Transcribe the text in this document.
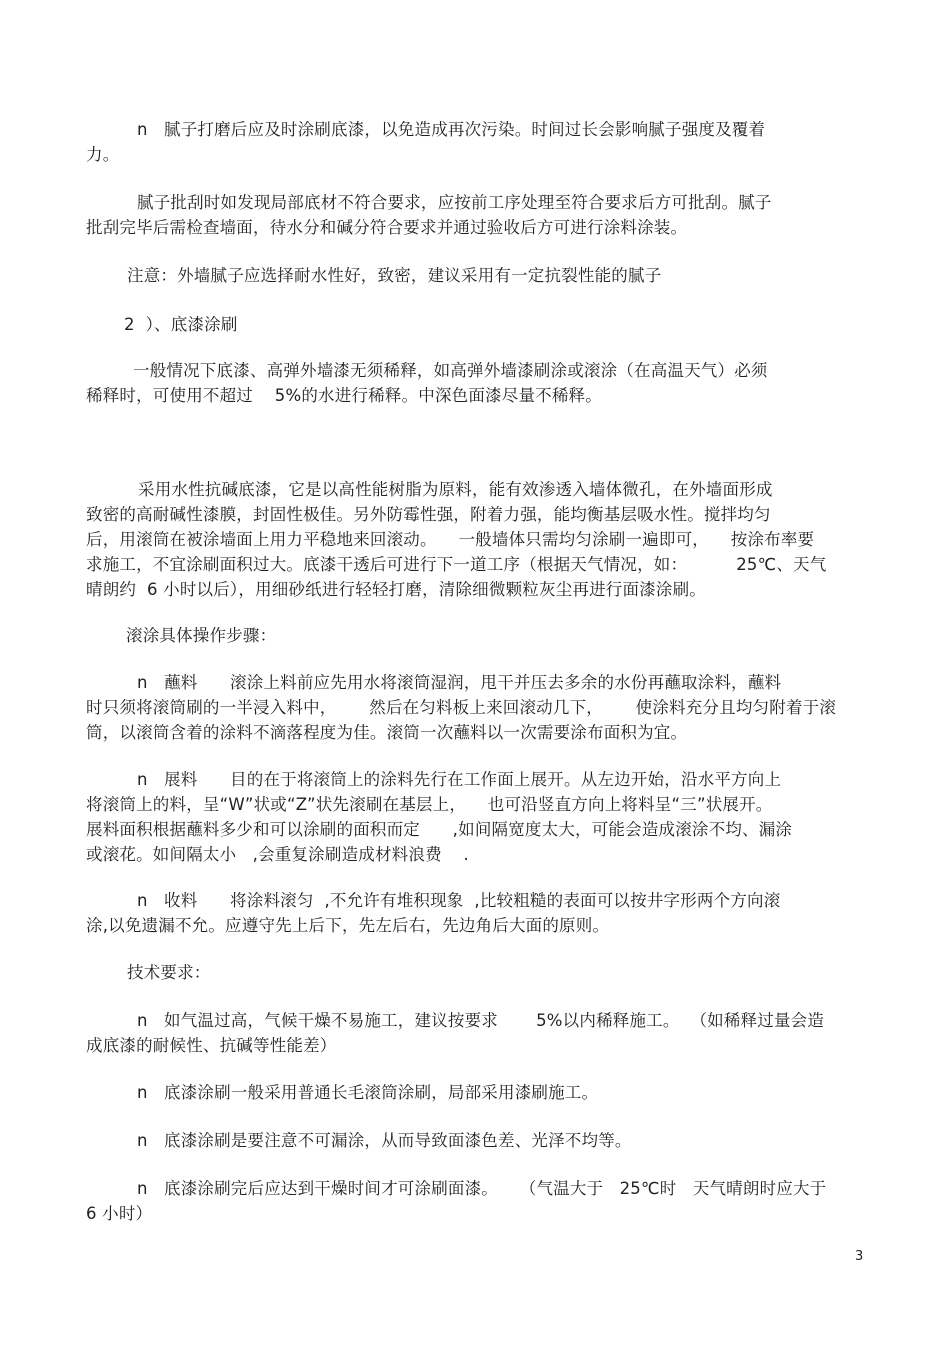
n   腻子打磨后应及时涂刷底漆，以免造成再次污染。时间过长会影响腻子强度及覆着
力。
腻子批刮时如发现局部底材不符合要求，应按前工序处理至符合要求后方可批刮。腻子
批刮完毕后需检查墙面，待水分和碱分符合要求并通过验收后方可进行涂料涂装。
注意：外墙腻子应选择耐水性好，致密，建议采用有一定抗裂性能的腻子
2  ）、底漆涂刷
一般情况下底漆、高弹外墙漆无须稀释，如高弹外墙漆刷涂或滚涂（在高温天气）必须
稀释时，可使用不超过    5%的水进行稀释。中深色面漆尽量不稀释。
采用水性抗碱底漆，它是以高性能树脂为原料，能有效渗透入墙体微孔，在外墙面形成
致密的高耐碱性漆膜，封固性极佳。另外防霉性强，附着力强，能均衡基层吸水性。搅拌均匀
后，用滚筒在被涂墙面上用力平稳地来回滚动。    一般墙体只需均匀涂刷一遍即可，    按涂布率要
求施工，不宜涂刷面积过大。底漆干透后可进行下一道工序（根据天气情况，如：         25℃、天气
晴朗约  6 小时以后），用细砂纸进行轻轻打磨，清除细微颗粒灰尘再进行面漆涂刷。
滚涂具体操作步骤：
n   蘸料      滚涂上料前应先用水将滚筒湿润，甩干并压去多余的水份再蘸取涂料，蘸料
时只须将滚筒刷的一半浸入料中，      然后在匀料板上来回滚动几下，      使涂料充分且均匀附着于滚
筒，以滚筒含着的涂料不滴落程度为佳。滚筒一次蘸料以一次需要涂布面积为宜。
n   展料      目的在于将滚筒上的涂料先行在工作面上展开。从左边开始，沿水平方向上
将滚筒上的料，呈“W”状或“Z”状先滚刷在基层上，    也可沿竖直方向上将料呈“三”状展开。
展料面积根据蘸料多少和可以涂刷的面积而定      ,如间隔宽度太大，可能会造成滚涂不均、漏涂
或滚花。如间隔太小   ,会重复涂刷造成材料浪费    .
n   收料      将涂料滚匀  ,不允许有堆积现象  ,比较粗糙的表面可以按井字形两个方向滚
涂,以免遗漏不允。应遵守先上后下，先左后右，先边角后大面的原则。
技术要求：
n   如气温过高，气候干燥不易施工，建议按要求       5%以内稀释施工。  （如稀释过量会造
成底漆的耐候性、抗碱等性能差）
n   底漆涂刷一般采用普通长毛滚筒涂刷，局部采用漆刷施工。
n   底漆涂刷是要注意不可漏涂，从而导致面漆色差、光泽不均等。
n   底漆涂刷完后应达到干燥时间才可涂刷面漆。    （气温大于   25℃时   天气晴朗时应大于
6 小时）
3
